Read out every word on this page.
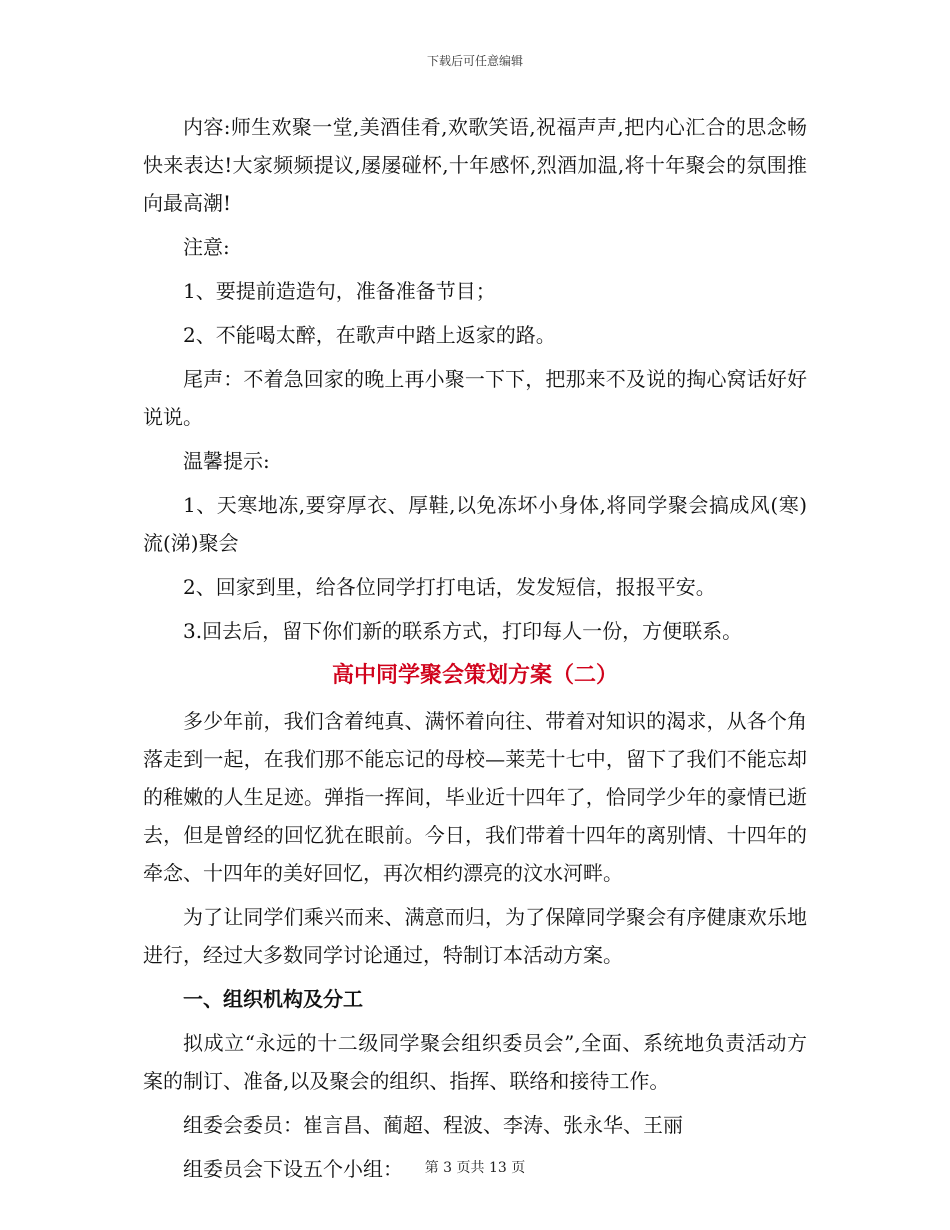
下载后可任意编辑

内容:师生欢聚一堂,美酒佳肴,欢歌笑语,祝福声声,把内心汇合的思念畅快来表达!大家频频提议,屡屡碰杯,十年感怀,烈酒加温,将十年聚会的氛围推向最高潮!

注意:

1、要提前造造句，准备准备节目；

2、不能喝太醉，在歌声中踏上返家的路。

尾声：不着急回家的晚上再小聚一下下，把那来不及说的掏心窝话好好说说。

温馨提示:

1、天寒地冻,要穿厚衣、厚鞋,以免冻坏小身体,将同学聚会搞成风(寒)流(涕)聚会

2、回家到里，给各位同学打打电话，发发短信，报报平安。

3.回去后，留下你们新的联系方式，打印每人一份，方便联系。

高中同学聚会策划方案（二）

多少年前，我们含着纯真、满怀着向往、带着对知识的渴求，从各个角落走到一起，在我们那不能忘记的母校—莱芜十七中，留下了我们不能忘却的稚嫩的人生足迹。弹指一挥间，毕业近十四年了，恰同学少年的豪情已逝去，但是曾经的回忆犹在眼前。今日，我们带着十四年的离别情、十四年的牵念、十四年的美好回忆，再次相约漂亮的汶水河畔。

为了让同学们乘兴而来、满意而归，为了保障同学聚会有序健康欢乐地进行，经过大多数同学讨论通过，特制订本活动方案。

一、组织机构及分工

拟成立“永远的十二级同学聚会组织委员会”,全面、系统地负责活动方案的制订、准备,以及聚会的组织、指挥、联络和接待工作。

组委会委员：崔言昌、蔺超、程波、李涛、张永华、王丽

组委员会下设五个小组：	第 3 页共 13 页
